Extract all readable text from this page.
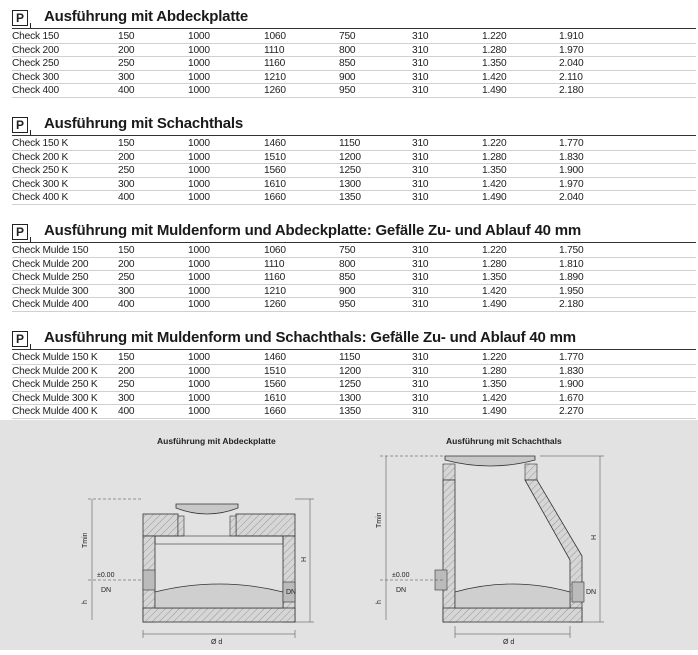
P Ausführung mit Abdeckplatte
Check 150	150	1000	1060	750	310	1.220	1.910
Check 200	200	1000	1110	800	310	1.280	1.970
Check 250	250	1000	1160	850	310	1.350	2.040
Check 300	300	1000	1210	900	310	1.420	2.110
Check 400	400	1000	1260	950	310	1.490	2.180
P Ausführung mit Schachthals
Check 150 K	150	1000	1460	1150	310	1.220	1.770
Check 200 K	200	1000	1510	1200	310	1.280	1.830
Check 250 K	250	1000	1560	1250	310	1.350	1.900
Check 300 K	300	1000	1610	1300	310	1.420	1.970
Check 400 K	400	1000	1660	1350	310	1.490	2.040
P Ausführung mit Muldenform und Abdeckplatte: Gefälle Zu- und Ablauf 40 mm
Check Mulde 150	150	1000	1060	750	310	1.220	1.750
Check Mulde 200	200	1000	1110	800	310	1.280	1.810
Check Mulde 250	250	1000	1160	850	310	1.350	1.890
Check Mulde 300	300	1000	1210	900	310	1.420	1.950
Check Mulde 400	400	1000	1260	950	310	1.490	2.180
P Ausführung mit Muldenform und Schachthals: Gefälle Zu- und Ablauf 40 mm
Check Mulde 150 K 150	1000	1460	1150	310	1.220	1.770
Check Mulde 200 K 200	1000	1510	1200	310	1.280	1.830
Check Mulde 250 K 250	1000	1560	1250	310	1.350	1.900
Check Mulde 300 K 300	1000	1610	1300	310	1.420	1.670
Check Mulde 400 K 400	1000	1660	1350	310	1.490	2.270
Ausführung mit Abdeckplatte	Ausführung mit Schachthals
Tmin
H
±0.00
DN	DN
h
Ø d
Tmin
H
±0.00
DN	DN
h
Ø d
